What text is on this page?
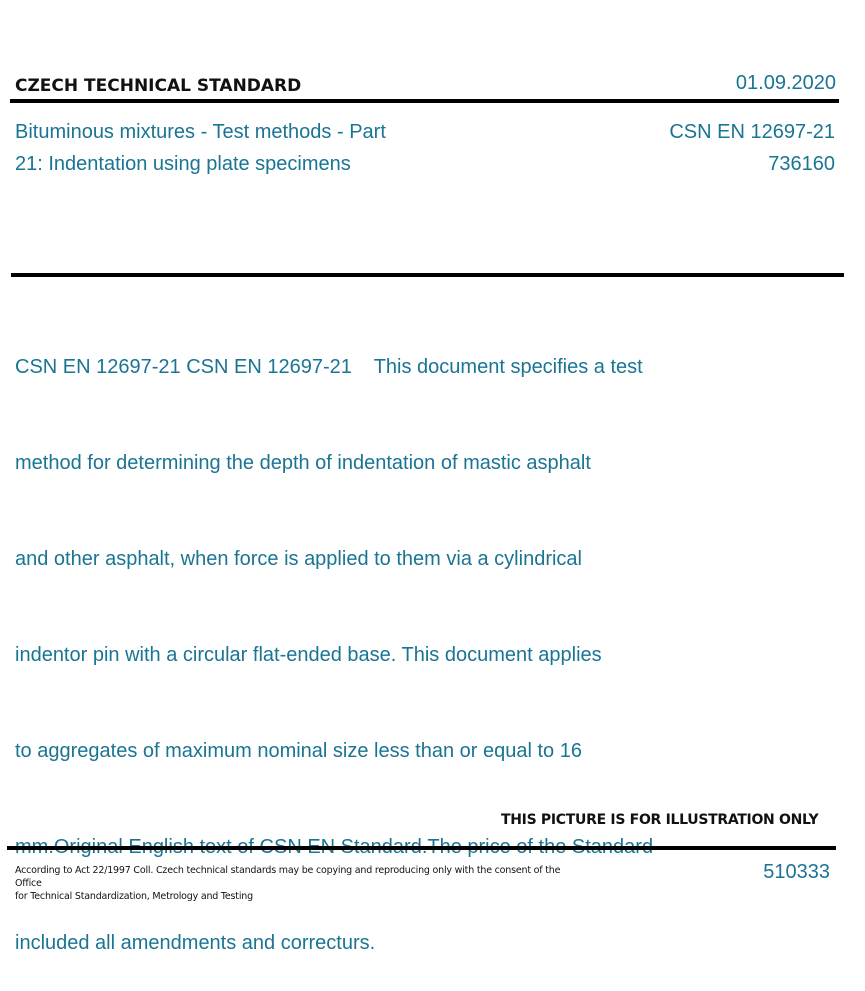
CZECH TECHNICAL STANDARD	01.09.2020
Bituminous mixtures - Test methods - Part
21: Indentation using plate specimens
CSN EN 12697-21
736160

CSN EN 12697-21 CSN EN 12697-21    This document specifies a test

method for determining the depth of indentation of mastic asphalt

and other asphalt, when force is applied to them via a cylindrical

indentor pin with a circular flat-ended base. This document applies

to aggregates of maximum nominal size less than or equal to 16

included all amendments and correcturs.

THIS PICTURE IS FOR ILLUSTRATION ONLY
According to Act 22/1997 Coll. Czech technical standards may be copying and reproducing only with the consent of the Office
for Technical Standardization, Metrology and Testing
510333
